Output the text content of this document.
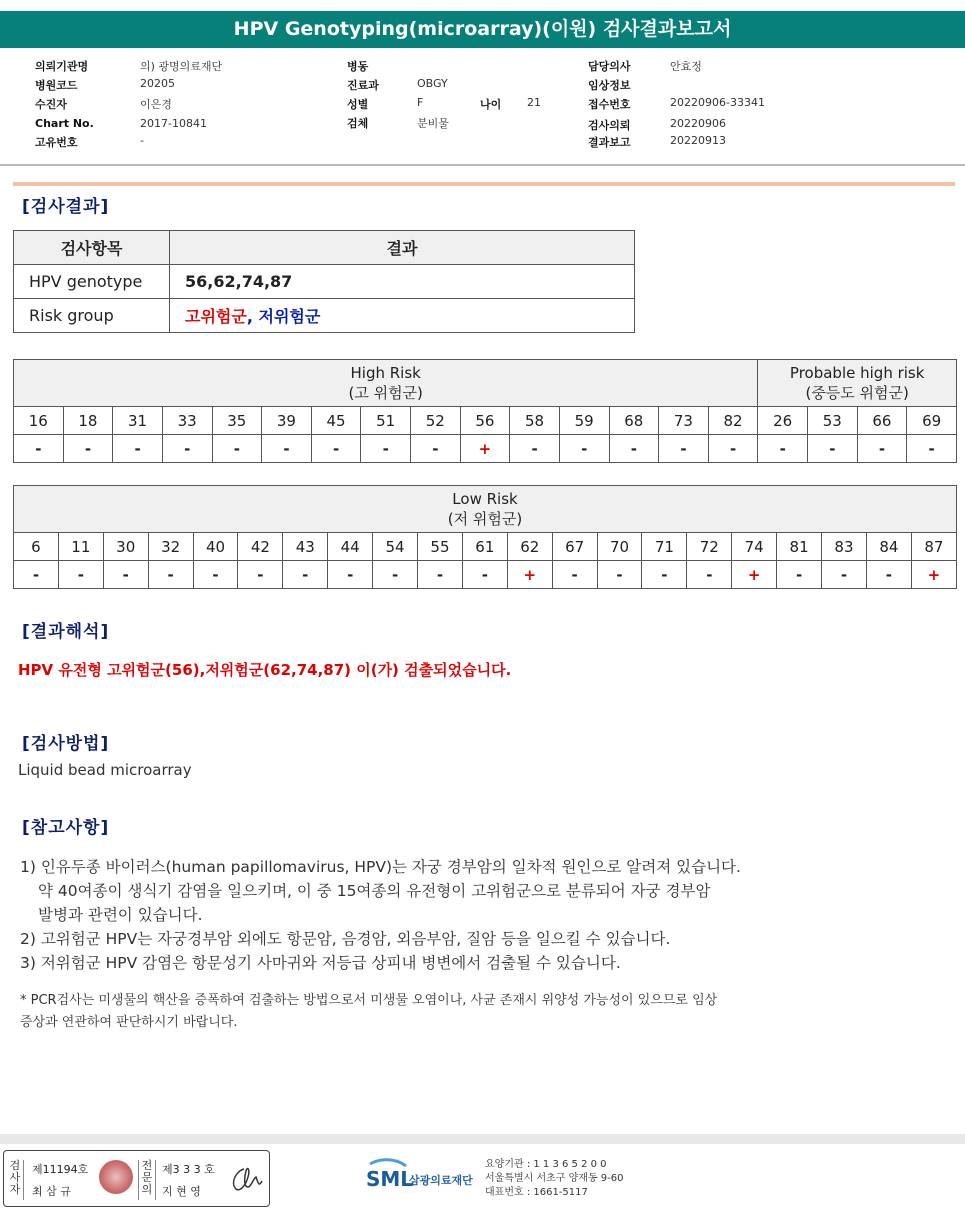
HPV Genotyping(microarray)(이원) 검사결과보고서
의뢰기관명	의) 광명의료재단
병원코드	20205
수진자	이은경
Chart No.	2017-10841
고유번호	-
병동
진료과	OBGY
성별	F	나이 21
검체	분비물
담당의사	안효정
임상정보
접수번호	20220906-33341
검사의뢰	20220906
결과보고	20220913
[검사결과]
검사항목	결과
HPV genotype	56,62,74,87
Risk group	고위험군, 저위험군
High Risk
(고 위험군)															Probable high risk
(중등도 위험군)			
16	18	31	33	35	39	45	51	52	56	58	59	68	73	82	26	53	66	69
-	-	-	-	-	-	-	-	-	+	-	-	-	-	-	-	-	-	-
Low Risk
(저 위험군)																				
6	11	30	32	40	42	43	44	54	55	61	62	67	70	71	72	74	81	83	84	87
-	-	-	-	-	-	-	-	-	-	-	+	-	-	-	-	+	-	-	-	+
[결과해석]
HPV 유전형 고위험군(56),저위험군(62,74,87) 이(가) 검출되었습니다.
[검사방법]
Liquid bead microarray
[참고사항]
1) 인유두종 바이러스(human papillomavirus, HPV)는 자궁 경부암의 일차적 원인으로 알려져 있습니다.
약 40여종이 생식기 감염을 일으키며, 이 중 15여종의 유전형이 고위험군으로 분류되어 자궁 경부암
발병과 관련이 있습니다.
2) 고위험군 HPV는 자궁경부암 외에도 항문암, 음경암, 외음부암, 질암 등을 일으킬 수 있습니다.
3) 저위험군 HPV 감염은 항문성기 사마귀와 저등급 상피내 병변에서 검출될 수 있습니다.
* PCR검사는 미생물의 핵산을 증폭하여 검출하는 방법으로서 미생물 오염이나, 사균 존재시 위양성 가능성이 있으므로 임상
증상과 연관하여 판단하시기 바랍니다.
검사자
제11194호
최 삼 규
전문의
제3 3 3 호
지 현 영
SML
삼광의료재단
요양기관 : 1 1 3 6 5 2 0 0
서울특별시 서초구 양재동 9-60
대표번호 : 1661-5117
